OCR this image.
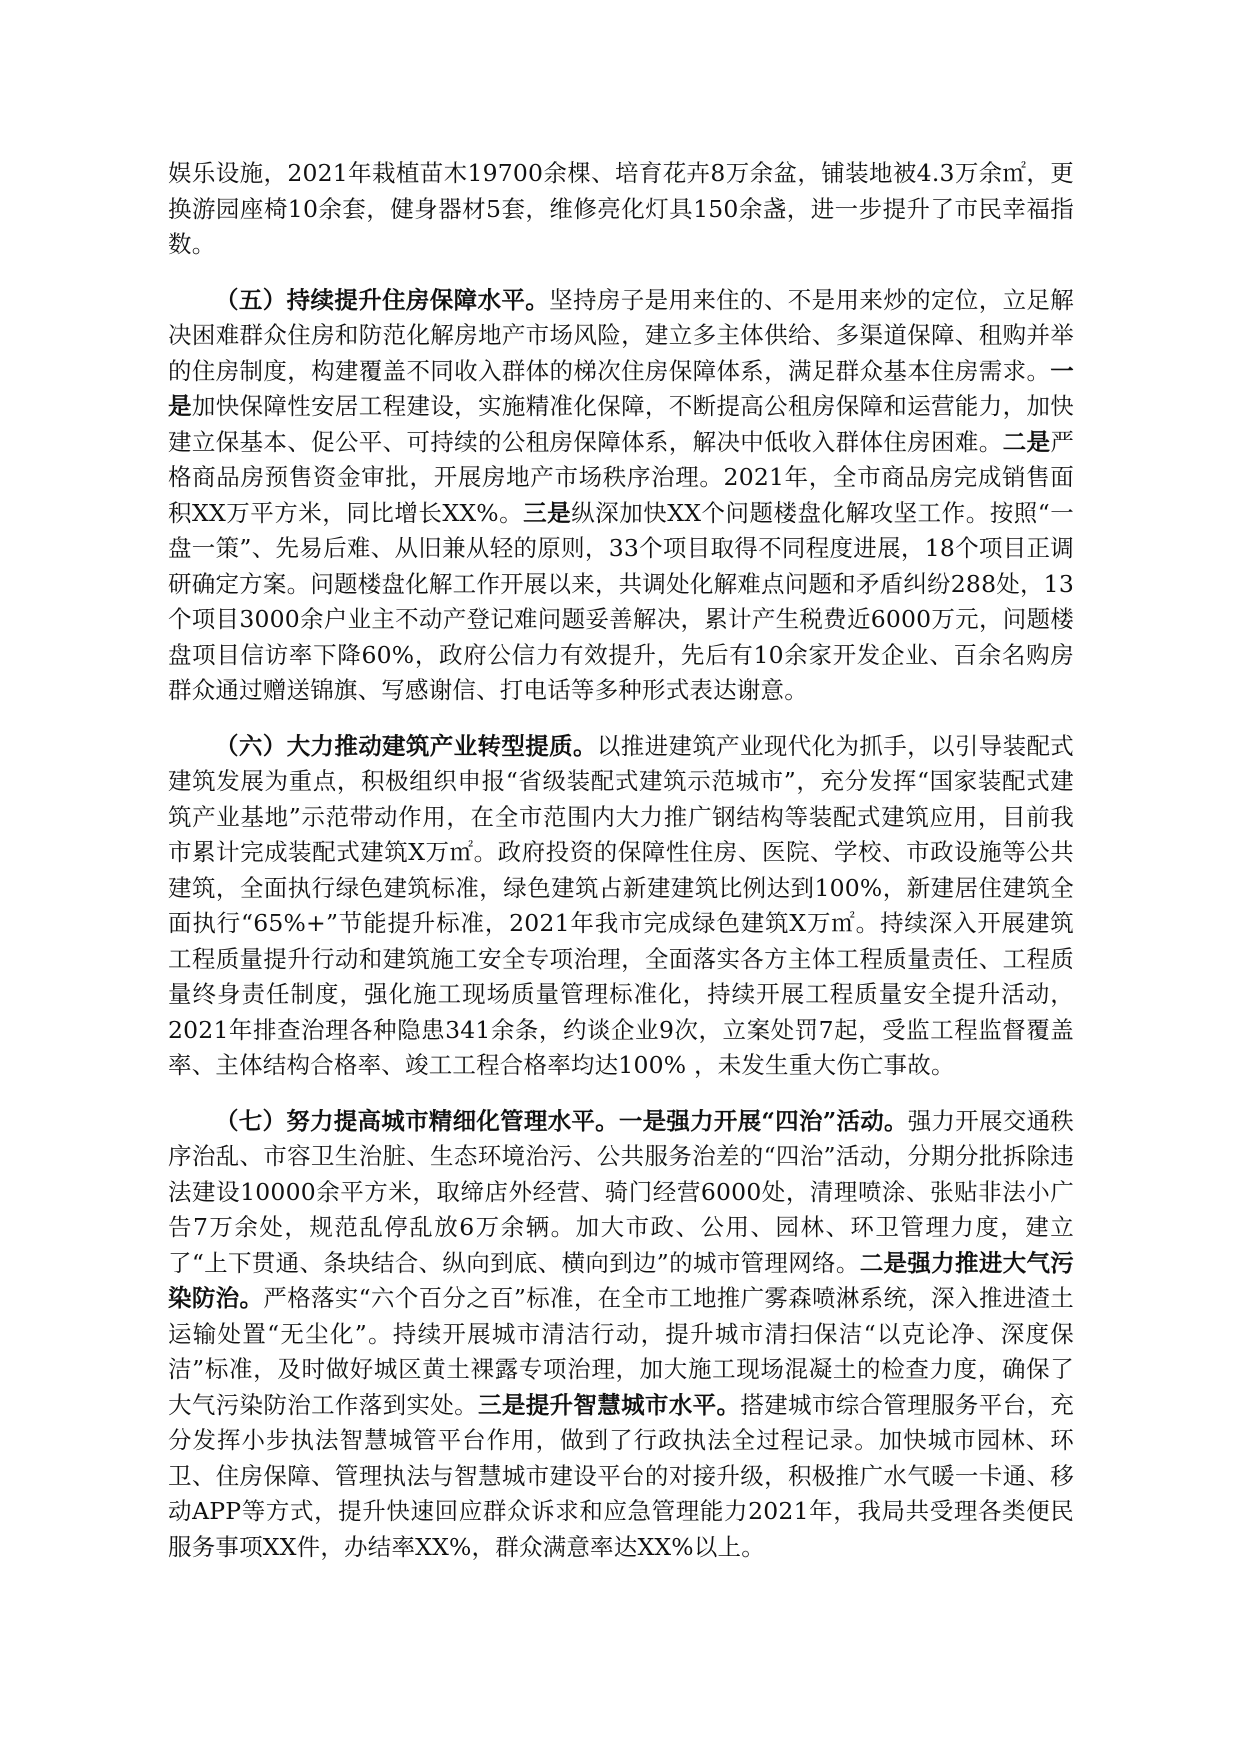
娱乐设施，2021年栽植苗木19700余棵、培育花卉8万余盆，铺装地被4.3万余㎡，更换游园座椅10余套，健身器材5套，维修亮化灯具150余盏，进一步提升了市民幸福指数。

（五）持续提升住房保障水平。坚持房子是用来住的、不是用来炒的定位，立足解决困难群众住房和防范化解房地产市场风险，建立多主体供给、多渠道保障、租购并举的住房制度，构建覆盖不同收入群体的梯次住房保障体系，满足群众基本住房需求。一是加快保障性安居工程建设，实施精准化保障，不断提高公租房保障和运营能力，加快建立保基本、促公平、可持续的公租房保障体系，解决中低收入群体住房困难。二是严格商品房预售资金审批，开展房地产市场秩序治理。2021年，全市商品房完成销售面积XX万平方米，同比增长XX%。三是纵深加快XX个问题楼盘化解攻坚工作。按照“一盘一策”、先易后难、从旧兼从轻的原则，33个项目取得不同程度进展，18个项目正调研确定方案。问题楼盘化解工作开展以来，共调处化解难点问题和矛盾纠纷288处，13个项目3000余户业主不动产登记难问题妥善解决，累计产生税费近6000万元，问题楼盘项目信访率下降60%，政府公信力有效提升，先后有10余家开发企业、百余名购房群众通过赠送锦旗、写感谢信、打电话等多种形式表达谢意。

（六）大力推动建筑产业转型提质。以推进建筑产业现代化为抓手，以引导装配式建筑发展为重点，积极组织申报“省级装配式建筑示范城市”，充分发挥“国家装配式建筑产业基地”示范带动作用，在全市范围内大力推广钢结构等装配式建筑应用，目前我市累计完成装配式建筑X万㎡。政府投资的保障性住房、医院、学校、市政设施等公共建筑，全面执行绿色建筑标准，绿色建筑占新建建筑比例达到100%，新建居住建筑全面执行“65%+”节能提升标准，2021年我市完成绿色建筑X万㎡。持续深入开展建筑工程质量提升行动和建筑施工安全专项治理，全面落实各方主体工程质量责任、工程质量终身责任制度，强化施工现场质量管理标准化，持续开展工程质量安全提升活动，2021年排查治理各种隐患341余条，约谈企业9次，立案处罚7起，受监工程监督覆盖率、主体结构合格率、竣工工程合格率均达100% ，未发生重大伤亡事故。

（七）努力提高城市精细化管理水平。一是强力开展“四治”活动。强力开展交通秩序治乱、市容卫生治脏、生态环境治污、公共服务治差的“四治”活动，分期分批拆除违法建设10000余平方米，取缔店外经营、骑门经营6000处，清理喷涂、张贴非法小广告7万余处，规范乱停乱放6万余辆。加大市政、公用、园林、环卫管理力度，建立了“上下贯通、条块结合、纵向到底、横向到边”的城市管理网络。二是强力推进大气污染防治。严格落实“六个百分之百”标准，在全市工地推广雾森喷淋系统，深入推进渣土运输处置“无尘化”。持续开展城市清洁行动，提升城市清扫保洁“以克论净、深度保洁”标准，及时做好城区黄土裸露专项治理，加大施工现场混凝土的检查力度，确保了大气污染防治工作落到实处。三是提升智慧城市水平。搭建城市综合管理服务平台，充分发挥小步执法智慧城管平台作用，做到了行政执法全过程记录。加快城市园林、环卫、住房保障、管理执法与智慧城市建设平台的对接升级，积极推广水气暖一卡通、移动APP等方式，提升快速回应群众诉求和应急管理能力2021年，我局共受理各类便民服务事项XX件，办结率XX%，群众满意率达XX%以上。
